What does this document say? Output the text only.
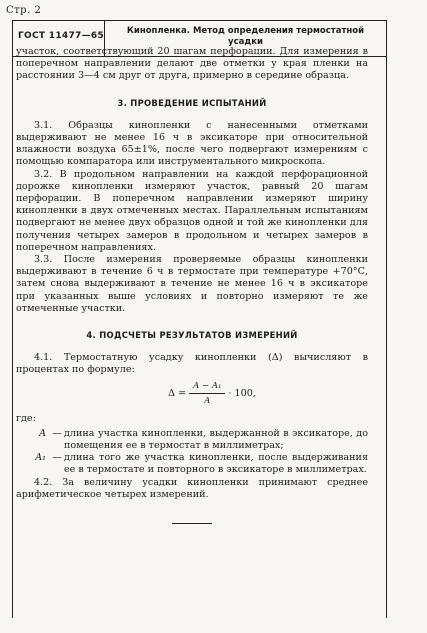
Стр. 2
ГОСТ 11477—65	Кинопленка. Метод определения термостатной
усадки

участок, соответствующий 20 шагам перфорации. Для измерения в поперечном направлении делают две отметки у края пленки на расстоянии 3—4 см друг от друга, примерно в середине образца.

3. ПРОВЕДЕНИЕ ИСПЫТАНИЙ

3.1. Образцы кинопленки с нанесенными отметками выдерживают не менее 16 ч в эксикаторе при относительной влажности воздуха 65±1%, после чего подвергают измерениям с помощью компаратора или инструментального микроскопа.

3.2. В продольном направлении на каждой перфорационной дорожке кинопленки измеряют участок, равный 20 шагам перфорации. В поперечном направлении измеряют ширину кинопленки в двух отмеченных местах. Параллельным испытаниям подвергают не менее двух образцов одной и той же кинопленки для получения четырех замеров в продольном и четырех замеров в поперечном направлениях.

3.3. После измерения проверяемые образцы кинопленки выдерживают в течение 6 ч в термостате при температуре +70°С, затем снова выдерживают в течение не менее 16 ч в эксикаторе при указанных выше условиях и повторно измеряют те же отмеченные участки.

4. ПОДСЧЕТЫ РЕЗУЛЬТАТОВ ИЗМЕРЕНИЙ

4.1. Термостатную усадку кинопленки (Δ) вычисляют в процентах по формуле:

$\Delta = \frac{\text{A − A₁}}{A} \cdot 100$,

где:

A — длина участка кинопленки, выдержанной в эксикаторе, до помещения ее в термостат в миллиметрах;
A₁ — длина того же участка кинопленки, после выдерживания ее в термостате и повторного в эксикаторе в миллиметрах.

4.2. За величину усадки кинопленки принимают среднее арифметическое четырех измерений.
